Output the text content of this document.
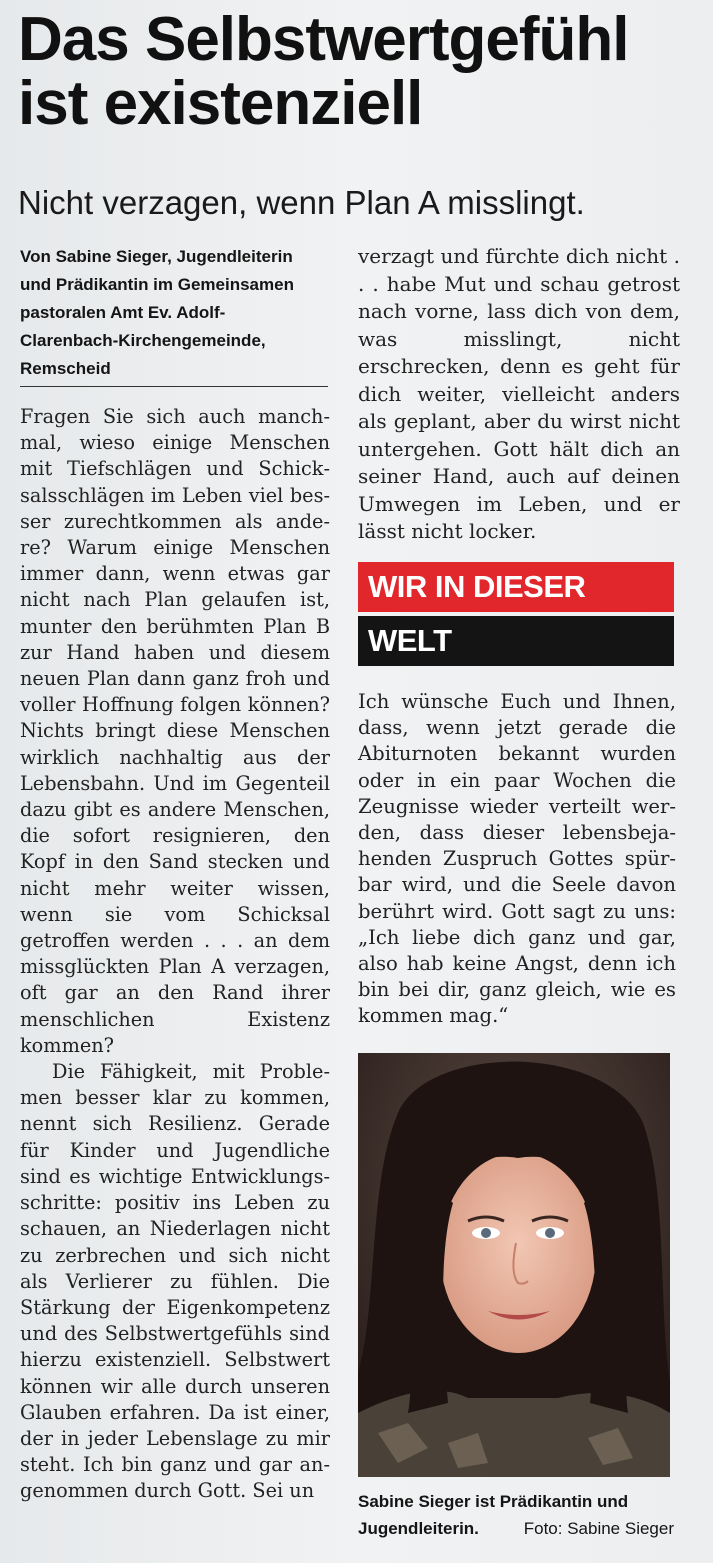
Das Selbstwertgefühl
ist existenziell
Nicht verzagen, wenn Plan A misslingt.
Von Sabine Sieger, Jugendleiterin
und Prädikantin im Gemeinsamen
pastoralen Amt Ev. Adolf-
Clarenbach-Kirchengemeinde,
Remscheid

Fragen Sie sich auch manchmal, wieso einige Menschen mit Tiefschlägen und Schicksalsschlägen im Leben viel besser zurechtkommen als andere? Warum einige Menschen immer dann, wenn etwas gar nicht nach Plan gelaufen ist, munter den berühmten Plan B zur Hand haben und diesem neuen Plan dann ganz froh und voller Hoffnung folgen können? Nichts bringt diese Menschen wirklich nachhaltig aus der Lebensbahn. Und im Gegenteil dazu gibt es andere Menschen, die sofort resignieren, den Kopf in den Sand stecken und nicht mehr weiter wissen, wenn sie vom Schicksal getroffen werden . . . an dem missglückten Plan A verzagen, oft gar an den Rand ihrer menschlichen Existenz kommen?

Die Fähigkeit, mit Problemen besser klar zu kommen, nennt sich Resilienz. Gerade für Kinder und Jugendliche sind es wichtige Entwicklungsschritte: positiv ins Leben zu schauen, an Niederlagen nicht zu zerbrechen und sich nicht als Verlierer zu fühlen. Die Stärkung der Eigenkompetenz und des Selbstwertgefühls sind hierzu existenziell. Selbstwert können wir alle durch unseren Glauben erfahren. Da ist einer, der in jeder Lebenslage zu mir steht. Ich bin ganz und gar angenommen durch Gott. Sei un

verzagt und fürchte dich nicht . . . habe Mut und schau getrost nach vorne, lass dich von dem, was misslingt, nicht erschrecken, denn es geht für dich weiter, vielleicht anders als geplant, aber du wirst nicht untergehen. Gott hält dich an seiner Hand, auch auf deinen Umwegen im Leben, und er lässt nicht locker.

WIR IN DIESER
WELT

Ich wünsche Euch und Ihnen, dass, wenn jetzt gerade die Abiturnoten bekannt wurden oder in ein paar Wochen die Zeugnisse wieder verteilt werden, dass dieser lebensbejahenden Zuspruch Gottes spürbar wird, und die Seele davon berührt wird. Gott sagt zu uns: „Ich liebe dich ganz und gar, also hab keine Angst, denn ich bin bei dir, ganz gleich, wie es kommen mag.“

Sabine Sieger ist Prädikantin und
Jugendleiterin.	Foto: Sabine Sieger
